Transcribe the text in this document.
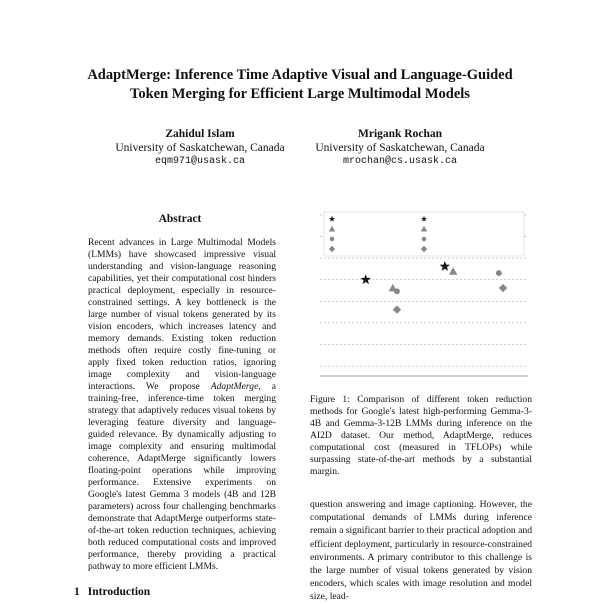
AdaptMerge: Inference Time Adaptive Visual and Language-Guided
Token Merging for Efficient Large Multimodal Models
Zahidul Islam
University of Saskatchewan, Canada
eqm971@usask.ca
Mrigank Rochan
University of Saskatchewan, Canada
mrochan@cs.usask.ca
Abstract

Recent advances in Large Multimodal Models (LMMs) have showcased impressive visual understanding and vision-language reasoning capabilities, yet their computational cost hinders practical deployment, especially in resource-constrained settings. A key bottleneck is the large number of visual tokens generated by its vision encoders, which increases latency and memory demands. Existing token reduction methods often require costly fine-tuning or apply fixed token reduction ratios, ignoring image complexity and vision-language interactions. We propose AdaptMerge, a training-free, inference-time token merging strategy that adaptively reduces visual tokens by leveraging feature diversity and language-guided relevance. By dynamically adjusting to image complexity and ensuring multimodal coherence, AdaptMerge significantly lowers floating-point operations while improving performance. Extensive experiments on Google's latest Gemma 3 models (4B and 12B parameters) across four challenging benchmarks demonstrate that AdaptMerge outperforms state-of-the-art token reduction techniques, achieving both reduced computational costs and improved performance, thereby providing a practical pathway to more efficient LMMs.

1 Introduction

Figure 1: Comparison of different token reduction methods for Google's latest high-performing Gemma-3-4B and Gemma-3-12B LMMs during inference on the AI2D dataset. Our method, AdaptMerge, reduces computational cost (measured in TFLOPs) while surpassing state-of-the-art methods by a substantial margin.

question answering and image captioning. However, the computational demands of LMMs during inference remain a significant barrier to their practical adoption and efficient deployment, particularly in resource-constrained environments. A primary contributor to this challenge is the large number of visual tokens generated by vision encoders, which scales with image resolution and model size, lead-
